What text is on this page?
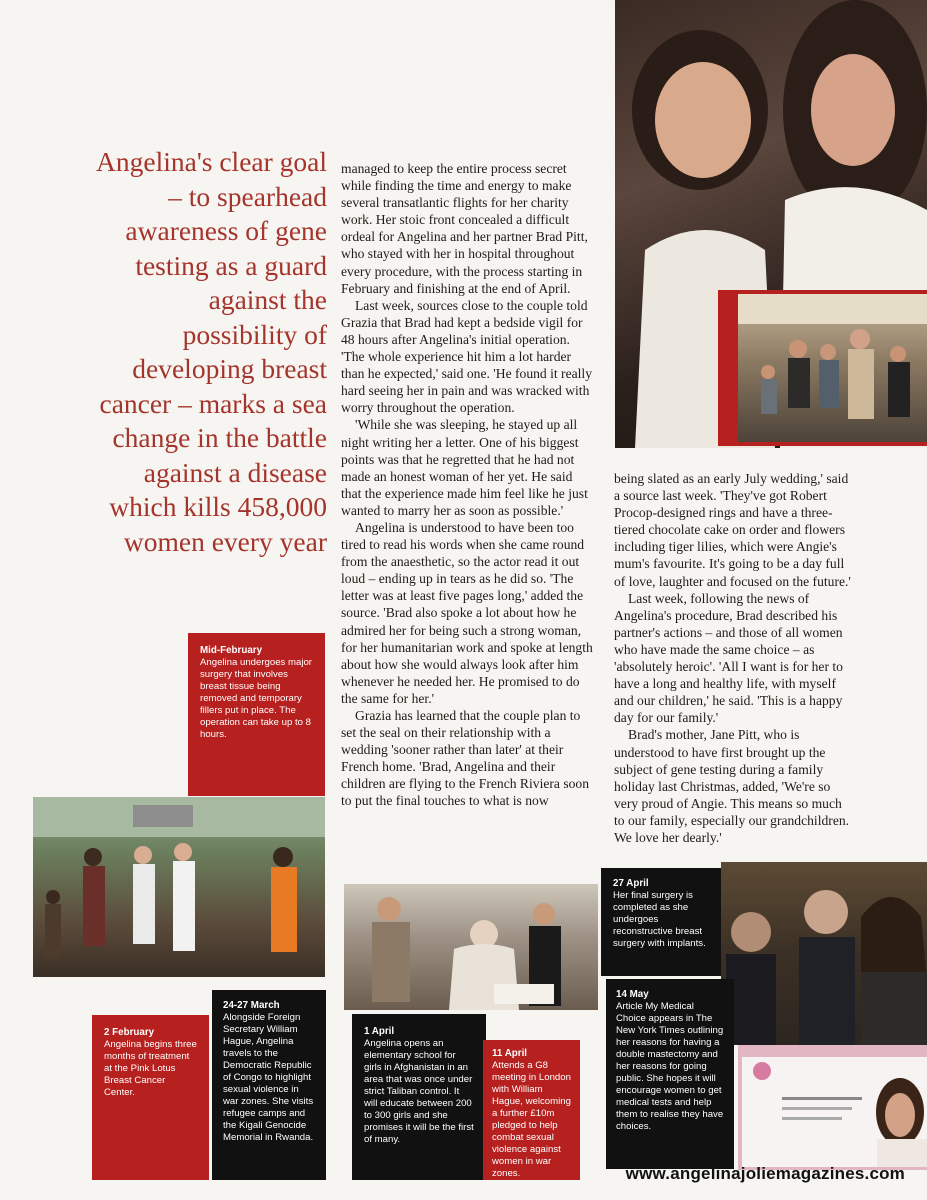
Angelina's clear goal – to spearhead awareness of gene testing as a guard against the possibility of developing breast cancer – marks a sea change in the battle against a disease which kills 458,000 women every year

managed to keep the entire process secret while finding the time and energy to make several transatlantic flights for her charity work. Her stoic front concealed a difficult ordeal for Angelina and her partner Brad Pitt, who stayed with her in hospital throughout every procedure, with the process starting in February and finishing at the end of April.

Last week, sources close to the couple told Grazia that Brad had kept a bedside vigil for 48 hours after Angelina's initial operation. 'The whole experience hit him a lot harder than he expected,' said one. 'He found it really hard seeing her in pain and was wracked with worry throughout the operation.

'While she was sleeping, he stayed up all night writing her a letter. One of his biggest points was that he regretted that he had not made an honest woman of her yet. He said that the experience made him feel like he just wanted to marry her as soon as possible.'

Angelina is understood to have been too tired to read his words when she came round from the anaesthetic, so the actor read it out loud – ending up in tears as he did so. 'The letter was at least five pages long,' added the source. 'Brad also spoke a lot about how he admired her for being such a strong woman, for her humanitarian work and spoke at length about how she would always look after him whenever he needed her. He promised to do the same for her.'

Grazia has learned that the couple plan to set the seal on their relationship with a wedding 'sooner rather than later' at their French home. 'Brad, Angelina and their children are flying to the French Riviera soon to put the final touches to what is now

being slated as an early July wedding,' said a source last week. 'They've got Robert Procop-designed rings and have a three-tiered chocolate cake on order and flowers including tiger lilies, which were Angie's mum's favourite. It's going to be a day full of love, laughter and focused on the future.'

Last week, following the news of Angelina's procedure, Brad described his partner's actions – and those of all women who have made the same choice – as 'absolutely heroic'. 'All I want is for her to have a long and healthy life, with myself and our children,' he said. 'This is a happy day for our family.'

Brad's mother, Jane Pitt, who is understood to have first brought up the subject of gene testing during a family holiday last Christmas, added, 'We're so very proud of Angie. This means so much to our family, especially our grandchildren. We love her dearly.'

Mid-February
Angelina undergoes major surgery that involves breast tissue being removed and temporary fillers put in place. The operation can take up to 8 hours.
2 February
Angelina begins three months of treatment at the Pink Lotus Breast Cancer Center.
24-27 March
Alongside Foreign Secretary William Hague, Angelina travels to the Democratic Republic of Congo to highlight sexual violence in war zones. She visits refugee camps and the Kigali Genocide Memorial in Rwanda.
1 April
Angelina opens an elementary school for girls in Afghanistan in an area that was once under strict Taliban control. It will educate between 200 to 300 girls and she promises it will be the first of many.
11 April
Attends a G8 meeting in London with William Hague, welcoming a further £10m pledged to help combat sexual violence against women in war zones.
27 April
Her final surgery is completed as she undergoes reconstructive breast surgery with implants.
14 May
Article My Medical Choice appears in The New York Times outlining her reasons for having a double mastectomy and her reasons for going public. She hopes it will encourage women to get medical tests and help them to realise they have choices.
www.angelinajoliemagazines.com
